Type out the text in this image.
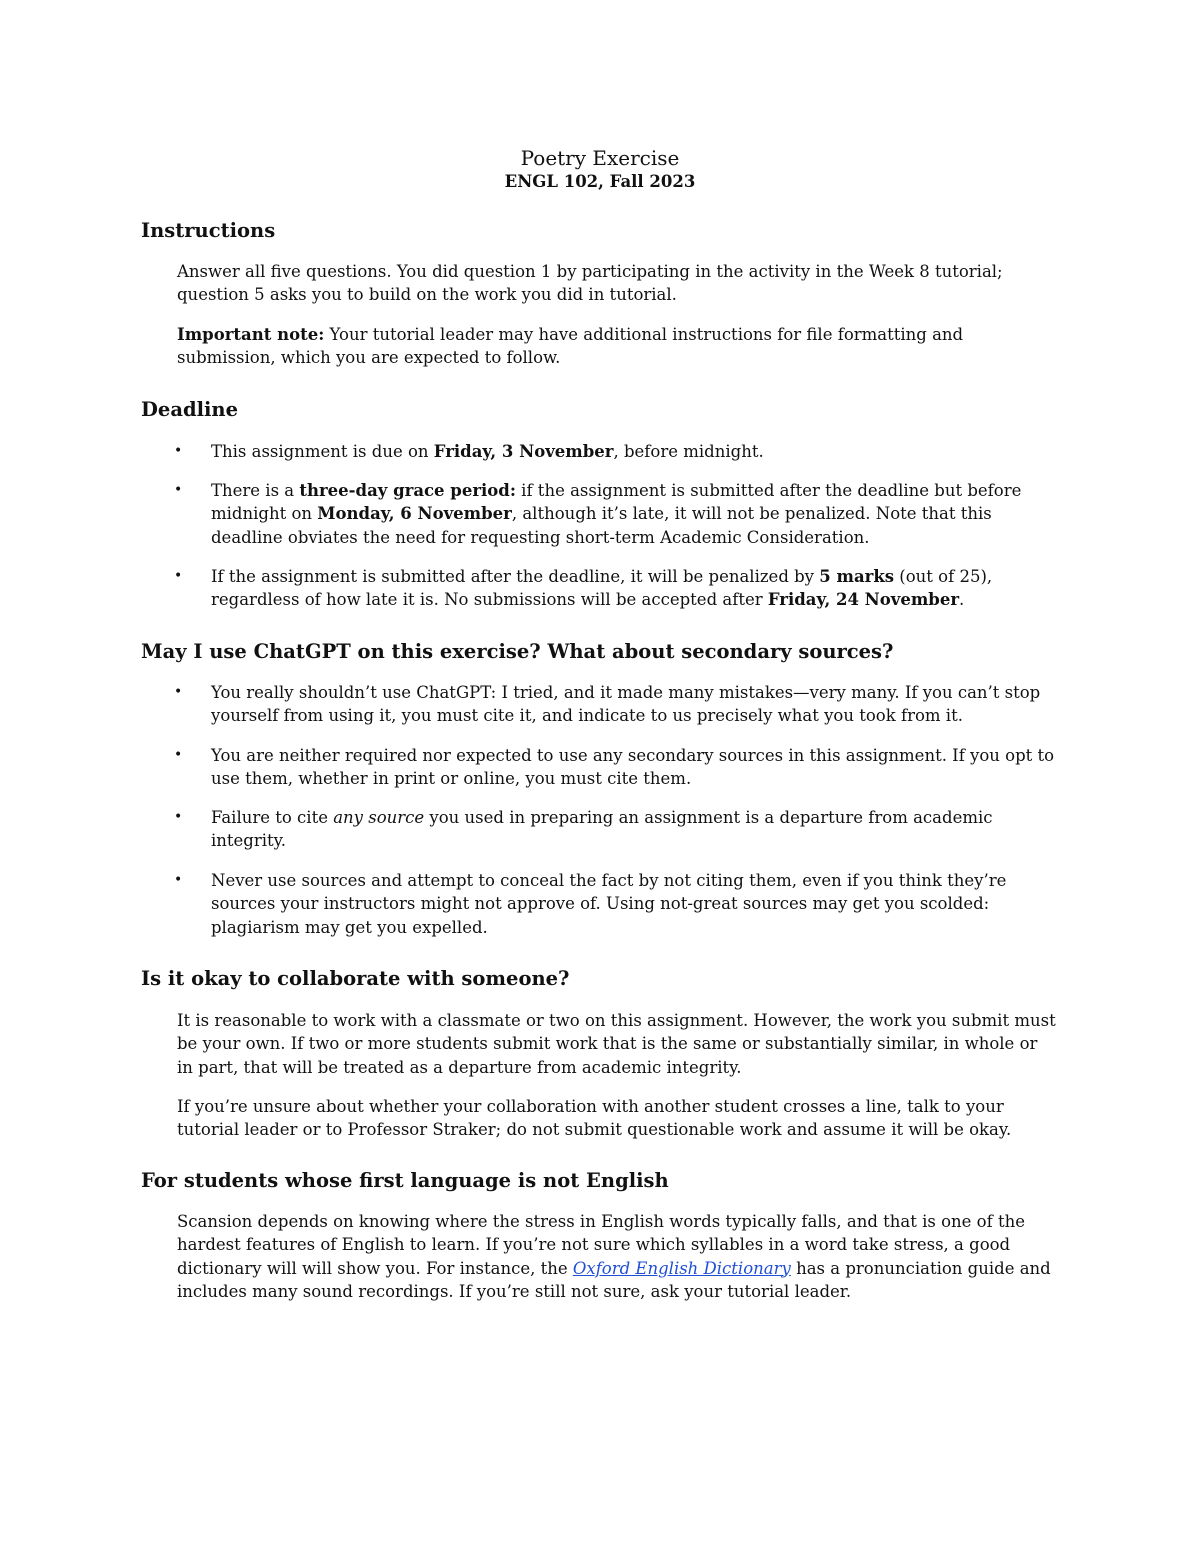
Poetry Exercise
ENGL 102, Fall 2023
Instructions

Answer all five questions. You did question 1 by participating in the activity in the Week 8 tutorial; question 5 asks you to build on the work you did in tutorial.

Important note: Your tutorial leader may have additional instructions for file formatting and submission, which you are expected to follow.

Deadline
• This assignment is due on Friday, 3 November, before midnight.

• There is a three-day grace period: if the assignment is submitted after the deadline but before midnight on Monday, 6 November, although it’s late, it will not be penalized. Note that this deadline obviates the need for requesting short-term Academic Consideration.

• If the assignment is submitted after the deadline, it will be penalized by 5 marks (out of 25), regardless of how late it is. No submissions will be accepted after Friday, 24 November.

May I use ChatGPT on this exercise? What about secondary sources?
• You really shouldn’t use ChatGPT: I tried, and it made many mistakes—very many. If you can’t stop yourself from using it, you must cite it, and indicate to us precisely what you took from it.

• You are neither required nor expected to use any secondary sources in this assignment. If you opt to use them, whether in print or online, you must cite them.

• Failure to cite any source you used in preparing an assignment is a departure from academic integrity.

• Never use sources and attempt to conceal the fact by not citing them, even if you think they’re sources your instructors might not approve of. Using not-great sources may get you scolded: plagiarism may get you expelled.

Is it okay to collaborate with someone?

It is reasonable to work with a classmate or two on this assignment. However, the work you submit must be your own. If two or more students submit work that is the same or substantially similar, in whole or in part, that will be treated as a departure from academic integrity.

If you’re unsure about whether your collaboration with another student crosses a line, talk to your tutorial leader or to Professor Straker; do not submit questionable work and assume it will be okay.

For students whose first language is not English

Scansion depends on knowing where the stress in English words typically falls, and that is one of the hardest features of English to learn. If you’re not sure which syllables in a word take stress, a good dictionary will will show you. For instance, the Oxford English Dictionary has a pronunciation guide and includes many sound recordings. If you’re still not sure, ask your tutorial leader.
